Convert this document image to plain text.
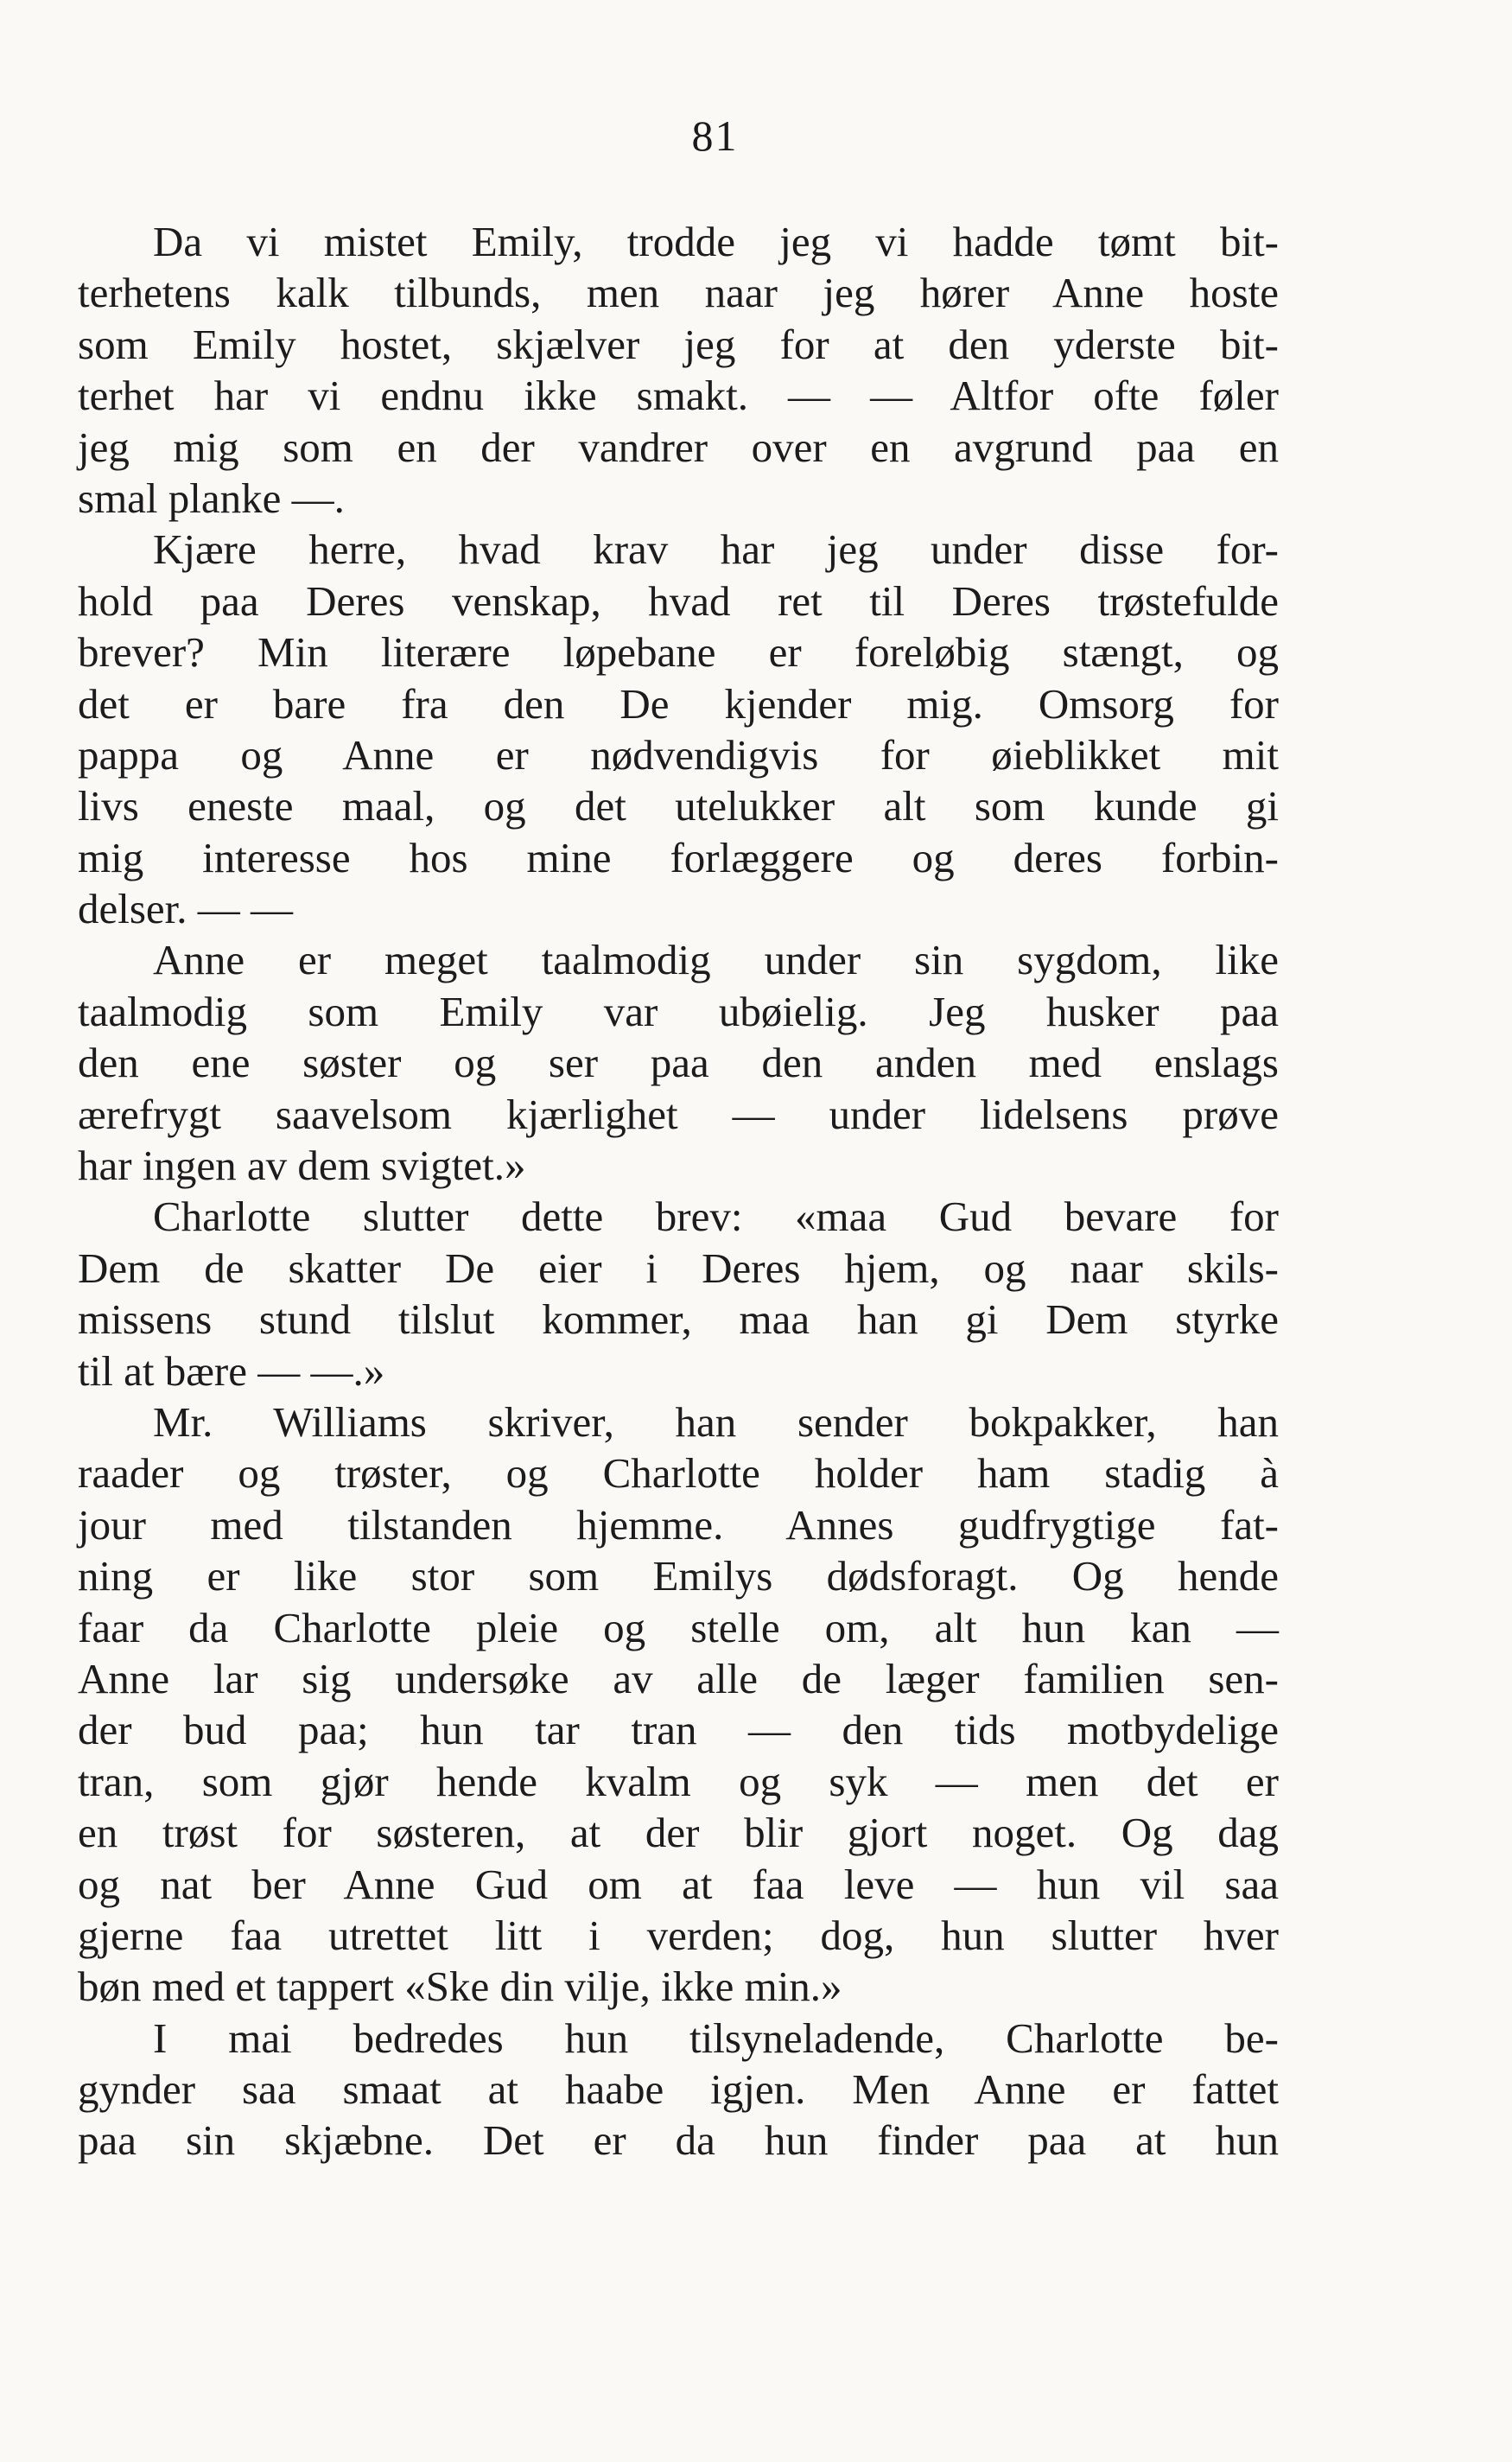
81
Da vi mistet Emily, trodde jeg vi hadde tømt bit-
terhetens kalk tilbunds, men naar jeg hører Anne hoste
som Emily hostet, skjælver jeg for at den yderste bit-
terhet har vi endnu ikke smakt. — — Altfor ofte føler
jeg mig som en der vandrer over en avgrund paa en
smal planke —.
Kjære herre, hvad krav har jeg under disse for-
hold paa Deres venskap, hvad ret til Deres trøstefulde
brever? Min literære løpebane er foreløbig stængt, og
det er bare fra den De kjender mig. Omsorg for
pappa og Anne er nødvendigvis for øieblikket mit
livs eneste maal, og det utelukker alt som kunde gi
mig interesse hos mine forlæggere og deres forbin-
delser. — —
Anne er meget taalmodig under sin sygdom, like
taalmodig som Emily var ubøielig. Jeg husker paa
den ene søster og ser paa den anden med enslags
ærefrygt saavelsom kjærlighet — under lidelsens prøve
har ingen av dem svigtet.»
Charlotte slutter dette brev: «maa Gud bevare for
Dem de skatter De eier i Deres hjem, og naar skils-
missens stund tilslut kommer, maa han gi Dem styrke
til at bære — —.»
Mr. Williams skriver, han sender bokpakker, han
raader og trøster, og Charlotte holder ham stadig à
jour med tilstanden hjemme. Annes gudfrygtige fat-
ning er like stor som Emilys dødsforagt. Og hende
faar da Charlotte pleie og stelle om, alt hun kan —
Anne lar sig undersøke av alle de læger familien sen-
der bud paa; hun tar tran — den tids motbydelige
tran, som gjør hende kvalm og syk — men det er
en trøst for søsteren, at der blir gjort noget. Og dag
og nat ber Anne Gud om at faa leve — hun vil saa
gjerne faa utrettet litt i verden; dog, hun slutter hver
bøn med et tappert «Ske din vilje, ikke min.»
I mai bedredes hun tilsyneladende, Charlotte be-
gynder saa smaat at haabe igjen. Men Anne er fattet
paa sin skjæbne. Det er da hun finder paa at hun
